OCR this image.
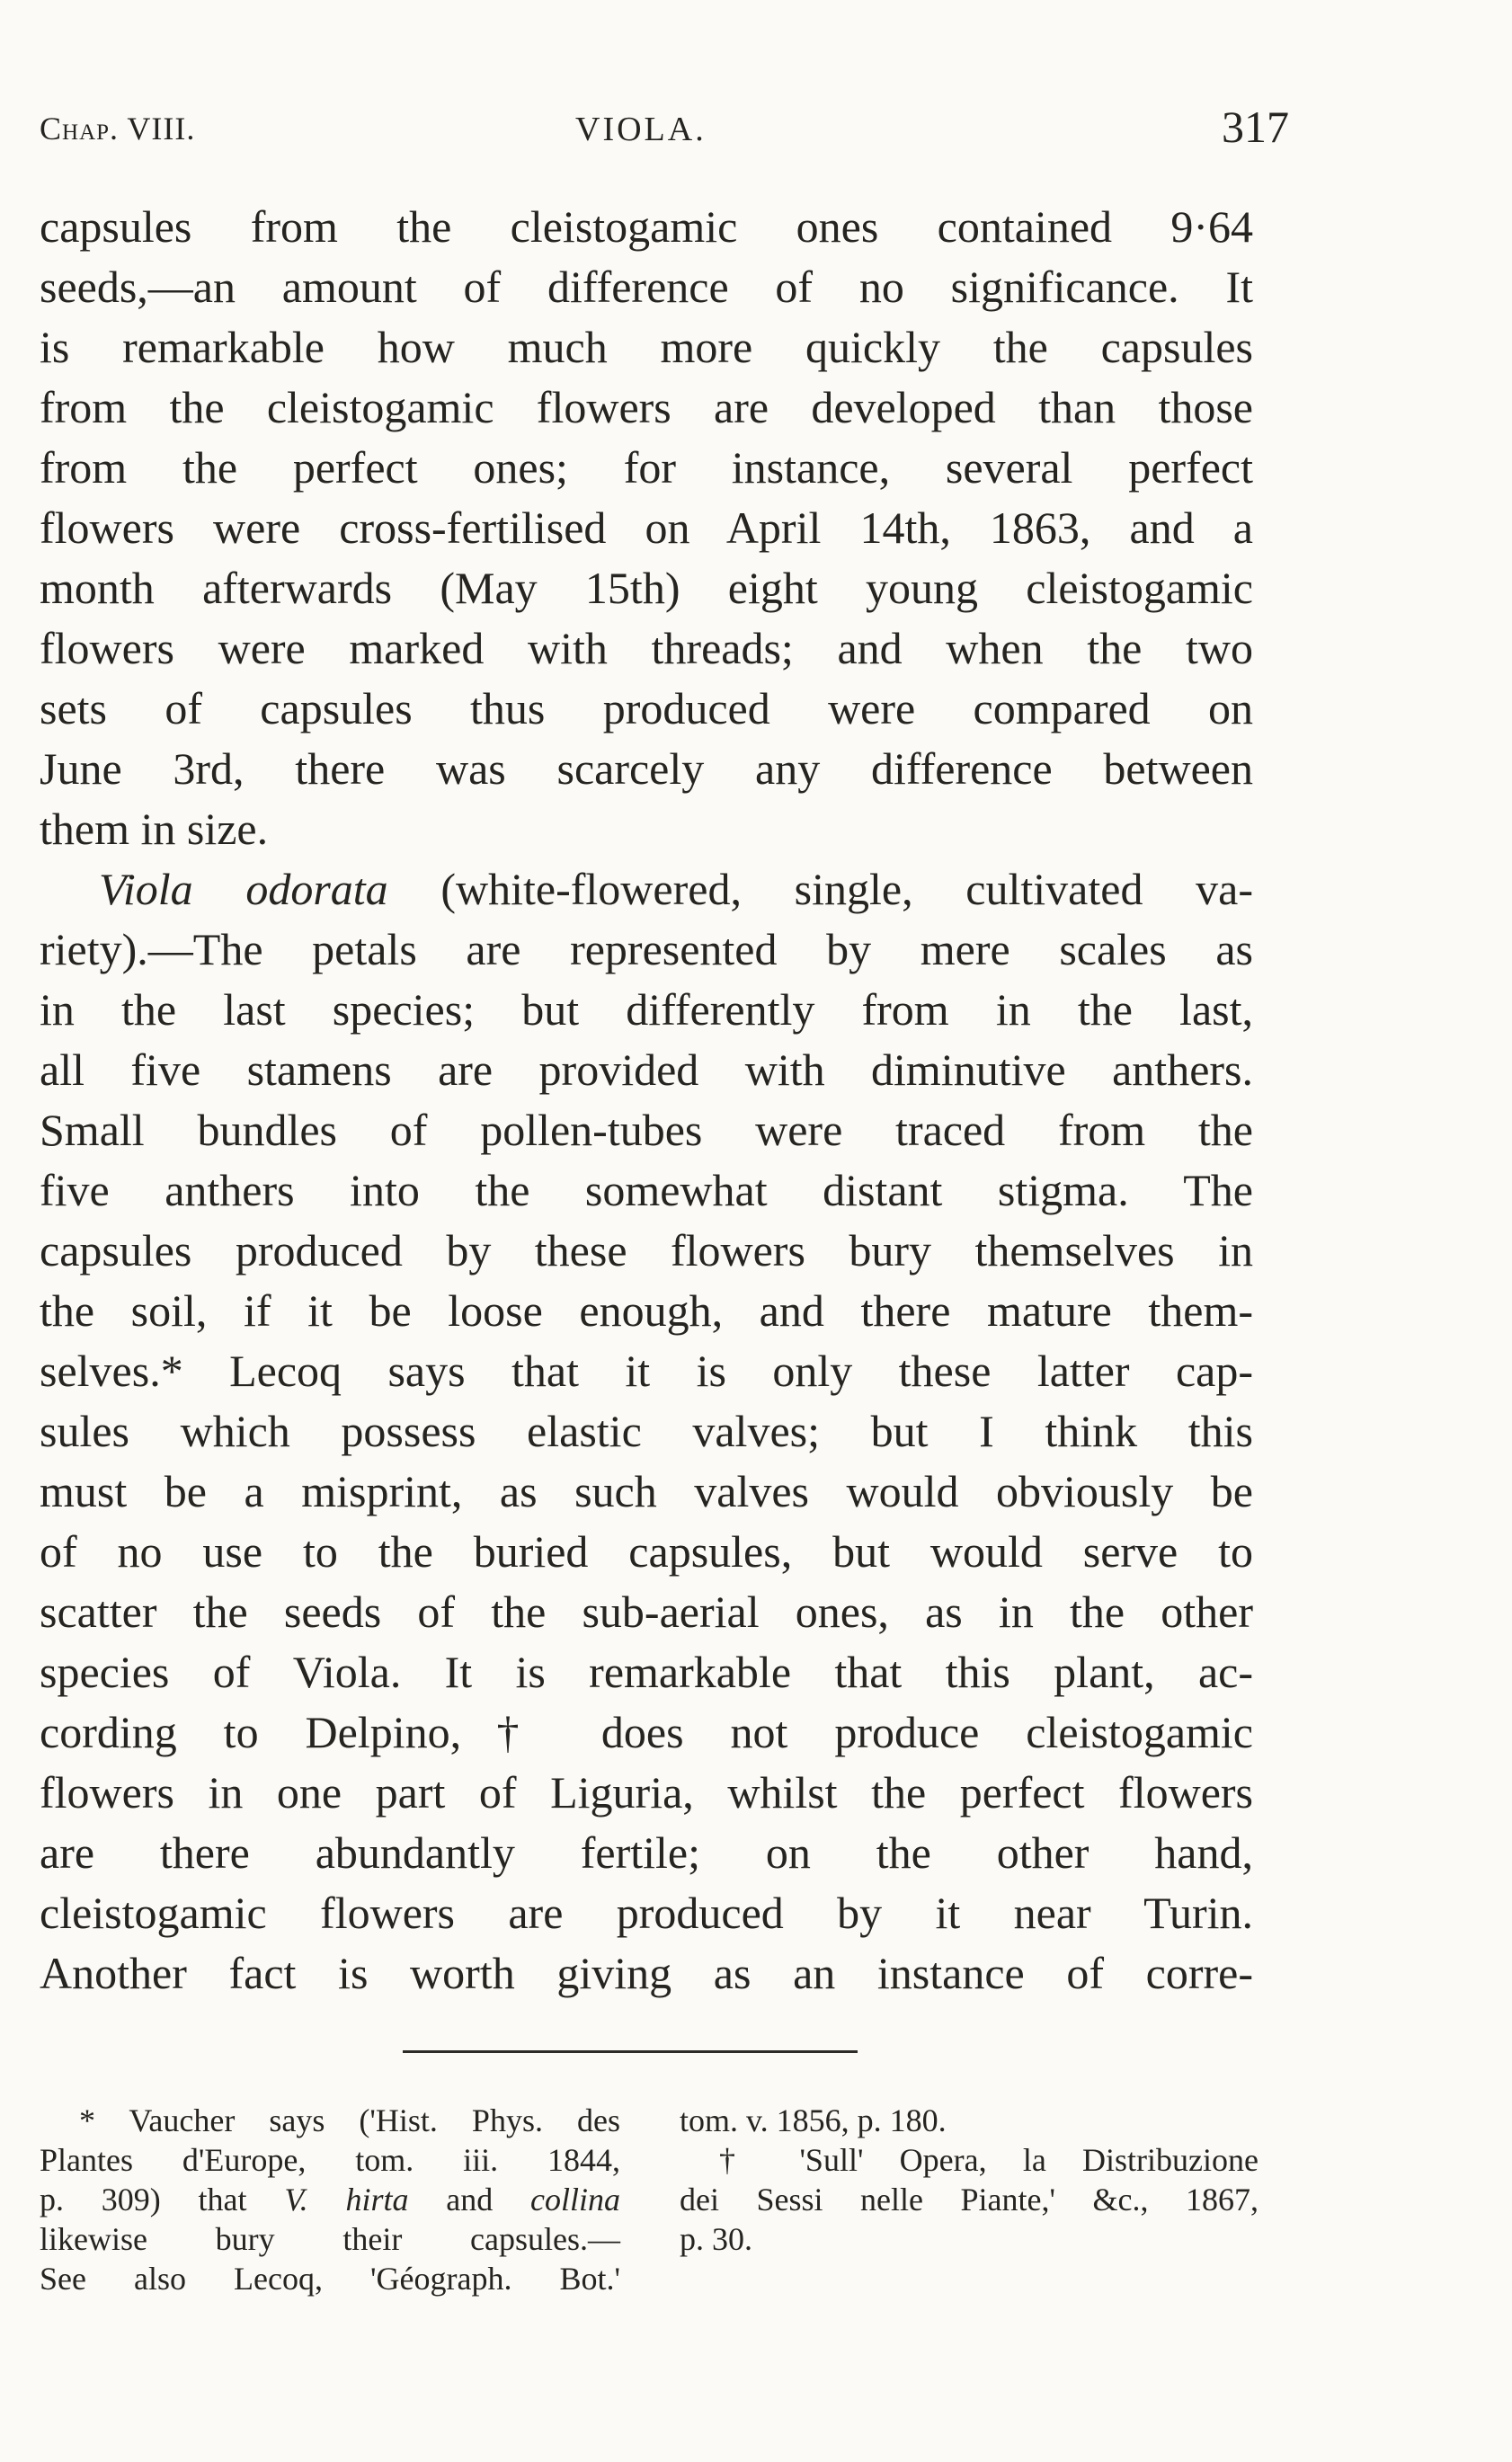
Chap. VIII.	VIOLA.	317
capsules from the cleistogamic ones contained 9·64
seeds,—an amount of difference of no significance. It
is remarkable how much more quickly the capsules
from the cleistogamic flowers are developed than those
from the perfect ones; for instance, several perfect
flowers were cross-fertilised on April 14th, 1863, and a
month afterwards (May 15th) eight young cleistogamic
flowers were marked with threads; and when the two
sets of capsules thus produced were compared on
June 3rd, there was scarcely any difference between
them in size.
Viola odorata (white-flowered, single, cultivated va-
riety).—The petals are represented by mere scales as
in the last species; but differently from in the last,
all five stamens are provided with diminutive anthers.
Small bundles of pollen-tubes were traced from the
five anthers into the somewhat distant stigma. The
capsules produced by these flowers bury themselves in
the soil, if it be loose enough, and there mature them-
selves.* Lecoq says that it is only these latter cap-
sules which possess elastic valves; but I think this
must be a misprint, as such valves would obviously be
of no use to the buried capsules, but would serve to
scatter the seeds of the sub-aerial ones, as in the other
species of Viola. It is remarkable that this plant, ac-
cording to Delpino,† does not produce cleistogamic
flowers in one part of Liguria, whilst the perfect flowers
are there abundantly fertile; on the other hand,
cleistogamic flowers are produced by it near Turin.
Another fact is worth giving as an instance of corre-
* Vaucher says ('Hist. Phys. des
Plantes d'Europe, tom. iii. 1844,
p. 309) that V. hirta and collina
likewise bury their capsules.—
See also Lecoq, 'Géograph. Bot.'
tom. v. 1856, p. 180.
† 'Sull' Opera, la Distribuzione
dei Sessi nelle Piante,' &c., 1867,
p. 30.
